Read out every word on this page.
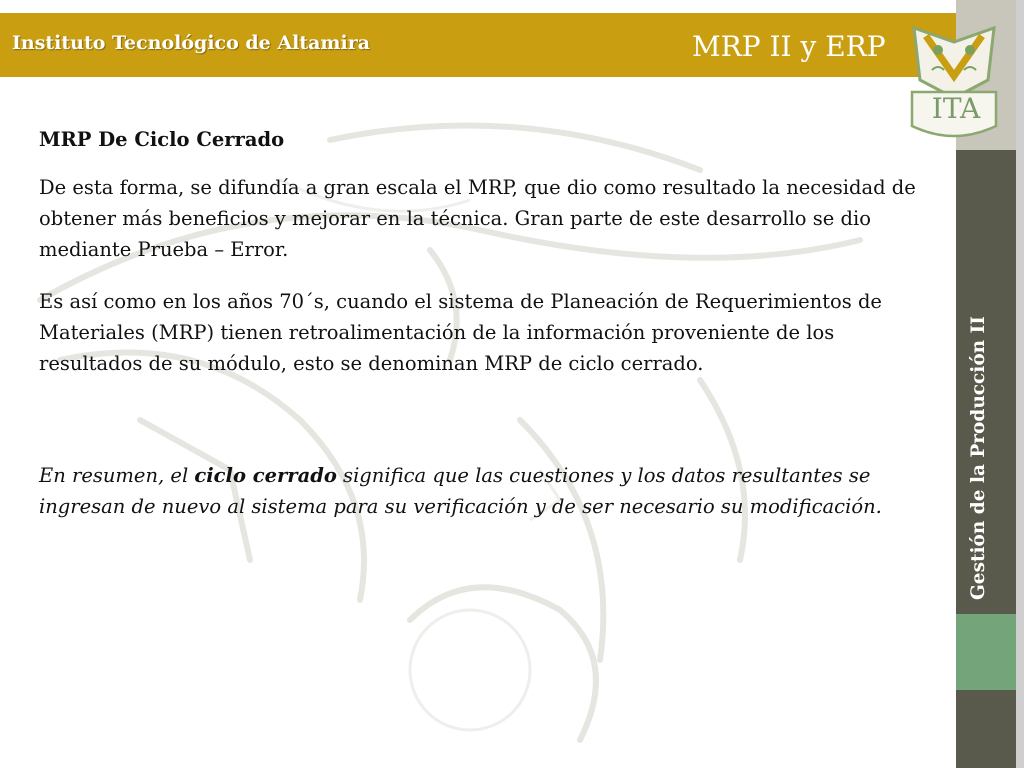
Instituto Tecnológico de Altamira	MRP II y ERP
Gestión de la Producción II
ITA
MRP De Ciclo Cerrado
De esta forma, se difundía a gran escala el MRP, que dio como resultado la necesidad de obtener más beneficios y mejorar en la técnica. Gran parte de este desarrollo se dio mediante Prueba – Error.
Es así como en los años 70´s, cuando el sistema de Planeación de Requerimientos de Materiales (MRP) tienen retroalimentación de la información proveniente de los resultados de su módulo, esto se denominan MRP de ciclo cerrado.
En resumen, el ciclo cerrado significa que las cuestiones y los datos resultantes se ingresan de nuevo al sistema para su verificación y de ser necesario su modificación.
